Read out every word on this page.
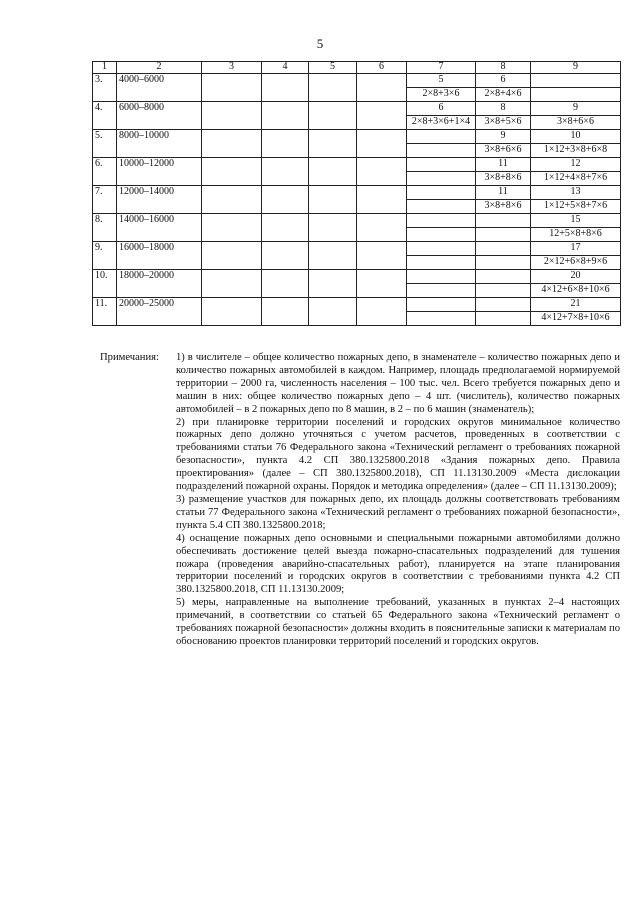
5
1	2	3	4	5	6	7	8	9
3.	4000–6000					5	6	
						2×8+3×6	2×8+4×6	
4.	6000–8000					6	8	9
						2×8+3×6+1×4	3×8+5×6	3×8+6×6
5.	8000–10000						9	10
							3×8+6×6	1×12+3×8+6×8
6.	10000–12000						11	12
							3×8+8×6	1×12+4×8+7×6
7.	12000–14000						11	13
							3×8+8×6	1×12+5×8+7×6
8.	14000–16000							15
								12+5×8+8×6
9.	16000–18000							17
								2×12+6×8+9×6
10.	18000–20000							20
								4×12+6×8+10×6
11.	20000–25000							21
								4×12+7×8+10×6
Примечания:	1) в числителе – общее количество пожарных депо, в знаменателе – количество пожарных депо и количество пожарных автомобилей в каждом. Например, площадь предполагаемой нормируемой территории – 2000 га, численность населения – 100 тыс. чел. Всего требуется пожарных депо и машин в них: общее количество пожарных депо – 4 шт. (числитель), количество пожарных автомобилей – в 2 пожарных депо по 8 машин, в 2 – по 6 машин (знаменатель);

2) при планировке территории поселений и городских округов минимальное количество пожарных депо должно уточняться с учетом расчетов, проведенных в соответствии с требованиями статьи 76 Федерального закона «Технический регламент о требованиях пожарной безопасности», пункта 4.2 СП 380.1325800.2018 «Здания пожарных депо. Правила проектирования» (далее – СП 380.1325800.2018), СП 11.13130.2009 «Места дислокации подразделений пожарной охраны. Порядок и методика определения» (далее – СП 11.13130.2009);

3) размещение участков для пожарных депо, их площадь должны соответствовать требованиям статьи 77 Федерального закона «Технический регламент о требованиях пожарной безопасности», пункта 5.4 СП 380.1325800.2018;

4) оснащение пожарных депо основными и специальными пожарными автомобилями должно обеспечивать достижение целей выезда пожарно-спасательных подразделений для тушения пожара (проведения аварийно-спасательных работ), планируется на этапе планирования территории поселений и городских округов в соответствии с требованиями пункта 4.2 СП 380.1325800.2018, СП 11.13130.2009;

5) меры, направленные на выполнение требований, указанных в пунктах 2–4 настоящих примечаний, в соответствии со статьей 65 Федерального закона «Технический регламент о требованиях пожарной безопасности» должны входить в пояснительные записки к материалам по обоснованию проектов планировки территорий поселений и городских округов.
